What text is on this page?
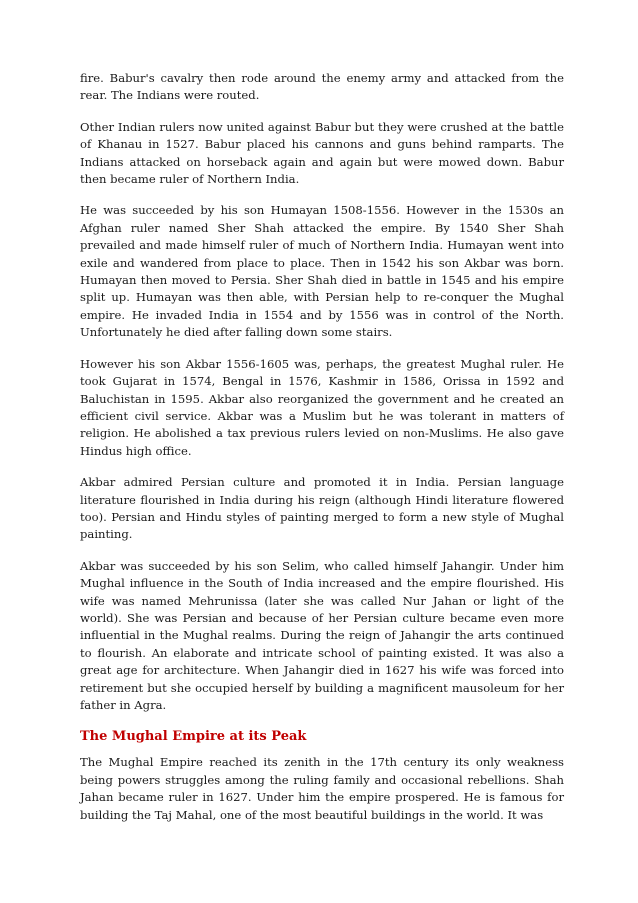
fire. Babur's cavalry then rode around the enemy army and attacked from the rear. The Indians were routed.

Other Indian rulers now united against Babur but they were crushed at the battle of Khanau in 1527. Babur placed his cannons and guns behind ramparts. The Indians attacked on horseback again and again but were mowed down. Babur then became ruler of Northern India.

He was succeeded by his son Humayan 1508-1556. However in the 1530s an Afghan ruler named Sher Shah attacked the empire. By 1540 Sher Shah prevailed and made himself ruler of much of Northern India. Humayan went into exile and wandered from place to place. Then in 1542 his son Akbar was born. Humayan then moved to Persia. Sher Shah died in battle in 1545 and his empire split up. Humayan was then able, with Persian help to re-conquer the Mughal empire. He invaded India in 1554 and by 1556 was in control of the North. Unfortunately he died after falling down some stairs.

However his son Akbar 1556-1605 was, perhaps, the greatest Mughal ruler. He took Gujarat in 1574, Bengal in 1576, Kashmir in 1586, Orissa in 1592 and Baluchistan in 1595. Akbar also reorganized the government and he created an efficient civil service. Akbar was a Muslim but he was tolerant in matters of religion. He abolished a tax previous rulers levied on non-Muslims. He also gave Hindus high office.

Akbar admired Persian culture and promoted it in India. Persian language literature flourished in India during his reign (although Hindi literature flowered too). Persian and Hindu styles of painting merged to form a new style of Mughal painting.

Akbar was succeeded by his son Selim, who called himself Jahangir. Under him Mughal influence in the South of India increased and the empire flourished. His wife was named Mehrunissa (later she was called Nur Jahan or light of the world). She was Persian and because of her Persian culture became even more influential in the Mughal realms. During the reign of Jahangir the arts continued to flourish. An elaborate and intricate school of painting existed. It was also a great age for architecture. When Jahangir died in 1627 his wife was forced into retirement but she occupied herself by building a magnificent mausoleum for her father in Agra.

The Mughal Empire at its Peak

The Mughal Empire reached its zenith in the 17th century its only weakness being powers struggles among the ruling family and occasional rebellions. Shah Jahan became ruler in 1627. Under him the empire prospered. He is famous for building the Taj Mahal, one of the most beautiful buildings in the world. It was
